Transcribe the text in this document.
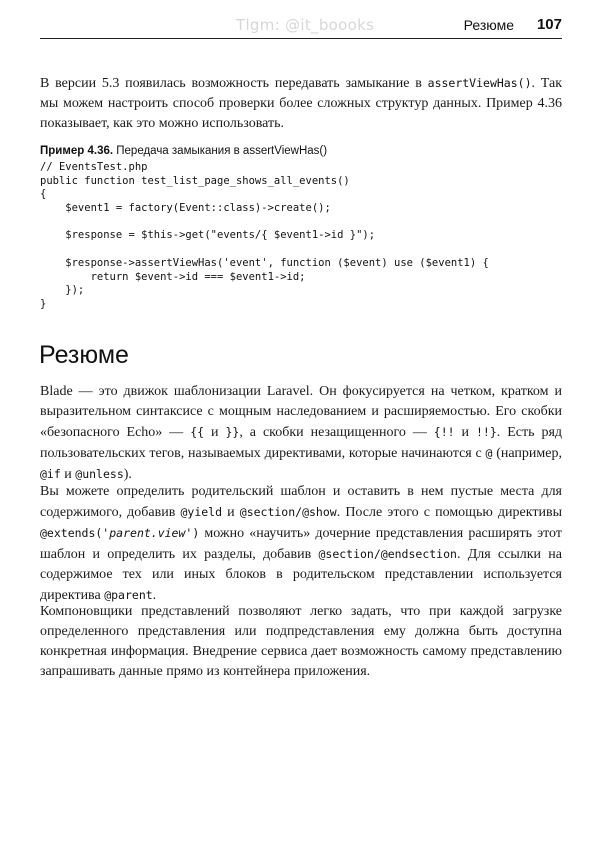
Tlgm: @it_boooks	Резюме 107

В версии 5.3 появилась возможность передавать замыкание в assertViewHas(). Так мы можем настроить способ проверки более сложных структур данных. Пример 4.36 показывает, как это можно использовать.

Пример 4.36. Передача замыкания в assertViewHas()
// EventsTest.php
public function test_list_page_shows_all_events()
{
$event1 = factory(Event::class)->create();
$response = $this->get("events/{ $event1->id }");
$response->assertViewHas('event', function ($event) use ($event1) {
return $event->id === $event1->id;
});
}
Резюме

Blade — это движок шаблонизации Laravel. Он фокусируется на четком, кратком и выразительном синтаксисе с мощным наследованием и расширяемостью. Его скобки «безопасного Echo» — {{ и }}, а скобки незащищенного — {!! и !!}. Есть ряд пользовательских тегов, называемых директивами, которые начинаются с @ (например, @if и @unless).

Вы можете определить родительский шаблон и оставить в нем пустые места для содержимого, добавив @yield и @section/@show. После этого с помощью директивы @extends('parent.view') можно «научить» дочерние представления расширять этот шаблон и определить их разделы, добавив @section/@endsection. Для ссылки на содержимое тех или иных блоков в родительском представлении используется директива @parent.

Компоновщики представлений позволяют легко задать, что при каждой загрузке определенного представления или подпредставления ему должна быть доступна конкретная информация. Внедрение сервиса дает возможность самому представлению запрашивать данные прямо из контейнера приложения.
